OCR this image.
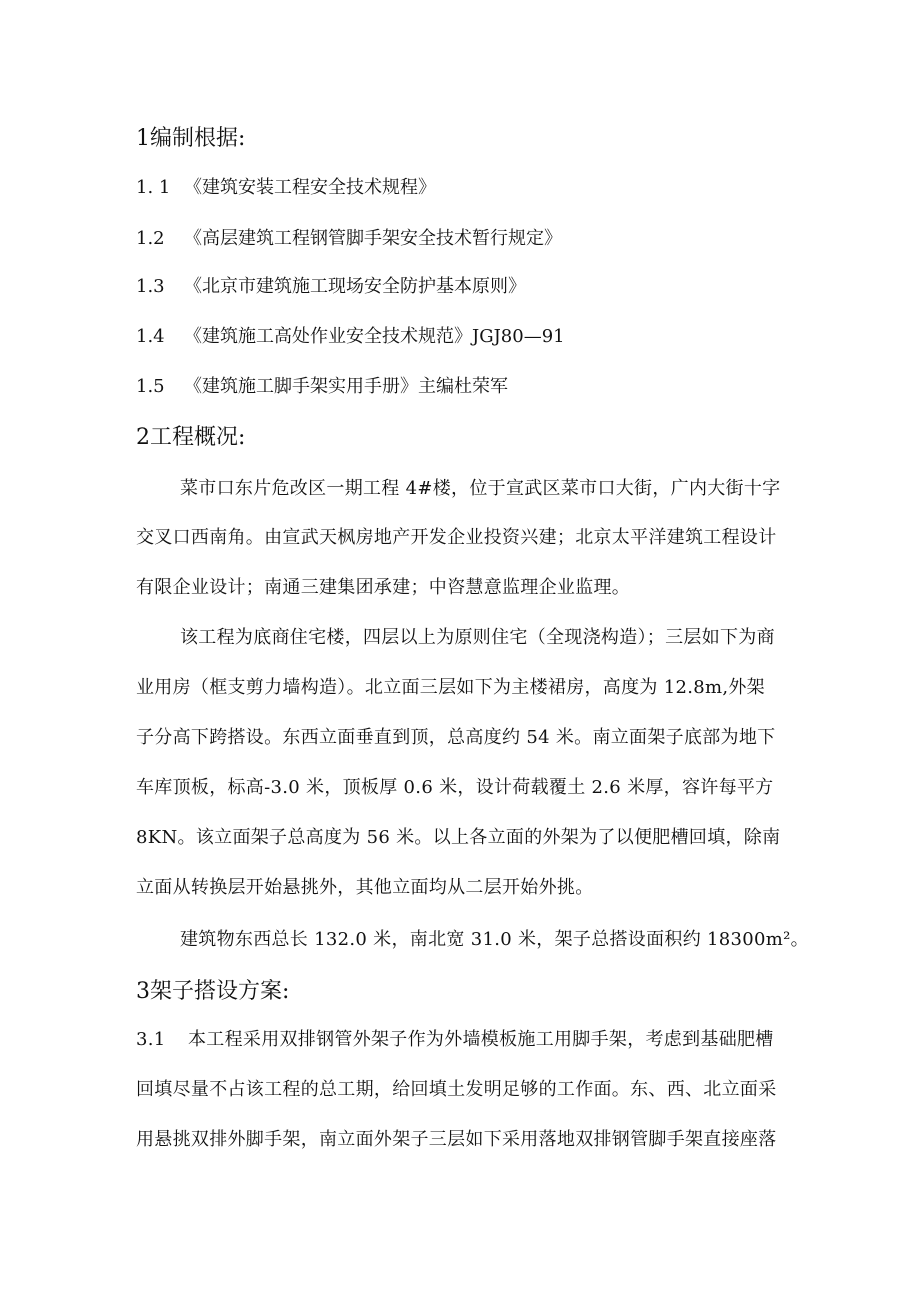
1编制根据:
1. 1 《建筑安装工程安全技术规程》
1.2 《高层建筑工程钢管脚手架安全技术暂行规定》
1.3 《北京市建筑施工现场安全防护基本原则》
1.4 《建筑施工高处作业安全技术规范》JGJ80—91
1.5 《建筑施工脚手架实用手册》主编杜荣军
2工程概况:
菜市口东片危改区一期工程 4#楼，位于宣武区菜市口大街，广内大街十字
交叉口西南角。由宣武天枫房地产开发企业投资兴建；北京太平洋建筑工程设计
有限企业设计；南通三建集团承建；中咨慧意监理企业监理。
该工程为底商住宅楼，四层以上为原则住宅（全现浇构造）；三层如下为商
业用房（框支剪力墙构造）。北立面三层如下为主楼裙房，高度为 12.8m,外架
子分高下跨搭设。东西立面垂直到顶，总高度约 54 米。南立面架子底部为地下
车库顶板，标高-3.0 米，顶板厚 0.6 米，设计荷载覆土 2.6 米厚，容许每平方
8KN。该立面架子总高度为 56 米。以上各立面的外架为了以便肥槽回填，除南
立面从转换层开始悬挑外，其他立面均从二层开始外挑。
建筑物东西总长 132.0 米，南北宽 31.0 米，架子总搭设面积约 18300m²。
3架子搭设方案:
3.1 本工程采用双排钢管外架子作为外墙模板施工用脚手架，考虑到基础肥槽
回填尽量不占该工程的总工期，给回填土发明足够的工作面。东、西、北立面采
用悬挑双排外脚手架，南立面外架子三层如下采用落地双排钢管脚手架直接座落
